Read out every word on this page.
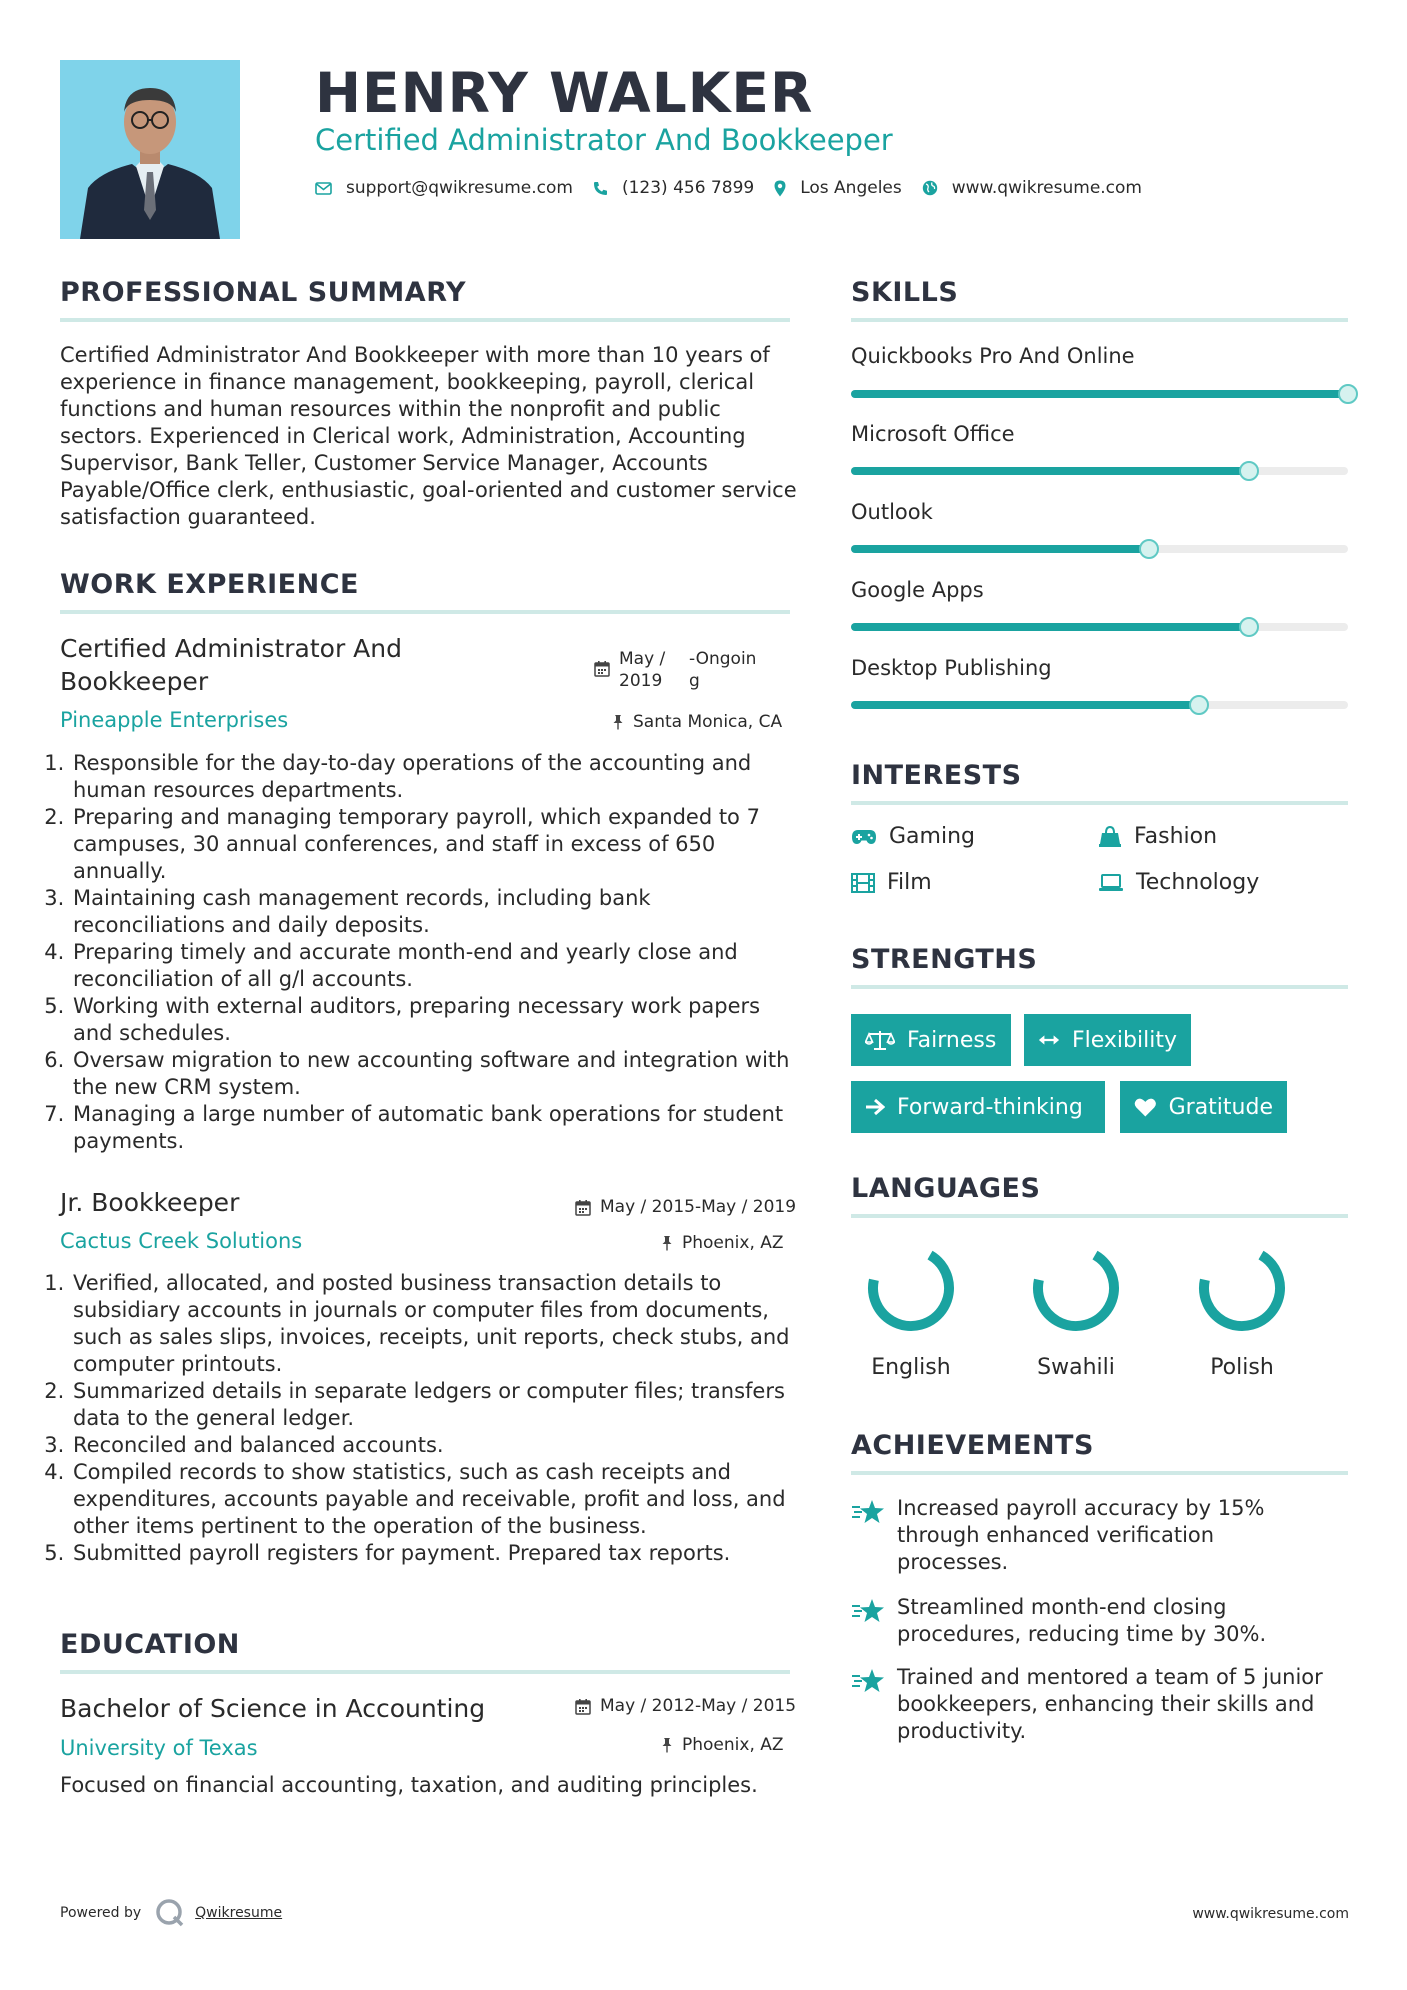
HENRY WALKER
Certified Administrator And Bookkeeper
support@qwikresume.com	(123) 456 7899	Los Angeles	www.qwikresume.com
PROFESSIONAL SUMMARY
Certified Administrator And Bookkeeper with more than 10 years of experience in finance management, bookkeeping, payroll, clerical functions and human resources within the nonprofit and public sectors. Experienced in Clerical work, Administration, Accounting Supervisor, Bank Teller, Customer Service Manager, Accounts Payable/Office clerk, enthusiastic, goal-oriented and customer service satisfaction guaranteed.
WORK EXPERIENCE
Certified Administrator And Bookkeeper
May / 2019
-Ongoing
Pineapple Enterprises	Santa Monica, CA
1. Responsible for the day-to-day operations of the accounting and human resources departments.
2. Preparing and managing temporary payroll, which expanded to 7 campuses, 30 annual conferences, and staff in excess of 650 annually.
3. Maintaining cash management records, including bank reconciliations and daily deposits.
4. Preparing timely and accurate month-end and yearly close and reconciliation of all g/l accounts.
5. Working with external auditors, preparing necessary work papers and schedules.
6. Oversaw migration to new accounting software and integration with the new CRM system.
7. Managing a large number of automatic bank operations for student payments.
Jr. Bookkeeper	May / 2015-May / 2019
Cactus Creek Solutions	Phoenix, AZ
1. Verified, allocated, and posted business transaction details to subsidiary accounts in journals or computer files from documents, such as sales slips, invoices, receipts, unit reports, check stubs, and computer printouts.
2. Summarized details in separate ledgers or computer files; transfers data to the general ledger.
3. Reconciled and balanced accounts.
4. Compiled records to show statistics, such as cash receipts and expenditures, accounts payable and receivable, profit and loss, and other items pertinent to the operation of the business.
5. Submitted payroll registers for payment. Prepared tax reports.
EDUCATION
Bachelor of Science in Accounting	May / 2012-May / 2015
University of Texas	Phoenix, AZ
Focused on financial accounting, taxation, and auditing principles.
SKILLS
Quickbooks Pro And Online
Microsoft Office
Outlook
Google Apps
Desktop Publishing
INTERESTS
Gaming	Fashion
Film	Technology
STRENGTHS
Fairness	Flexibility
Forward-thinking	Gratitude
LANGUAGES
English	Swahili	Polish
ACHIEVEMENTS
Increased payroll accuracy by 15% through enhanced verification processes.
Streamlined month-end closing procedures, reducing time by 30%.
Trained and mentored a team of 5 junior bookkeepers, enhancing their skills and productivity.
Powered by	Qwikresume	www.qwikresume.com
